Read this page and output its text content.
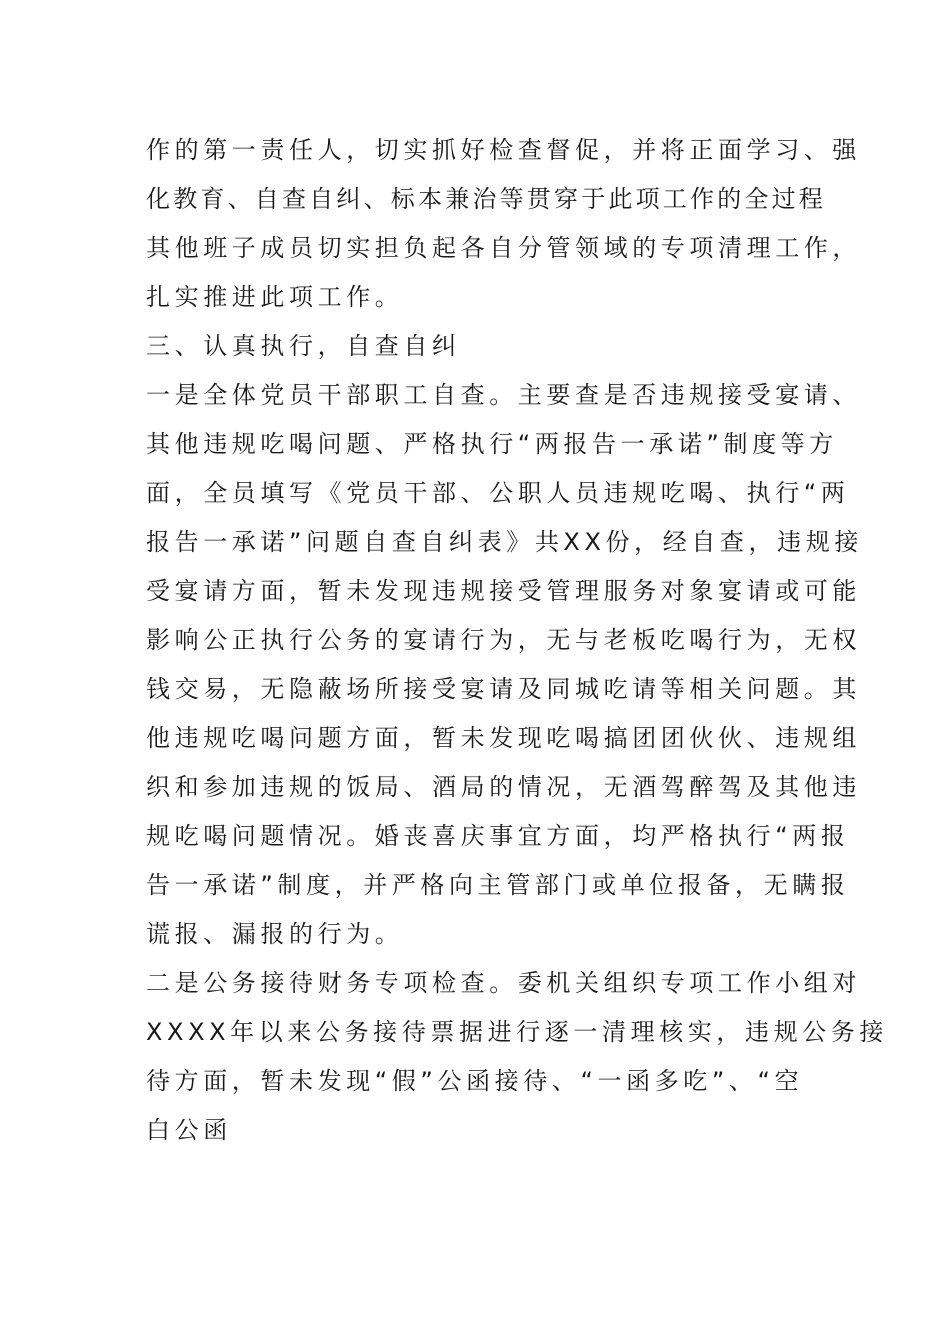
作的第一责任人，切实抓好检查督促，并将正面学习、强
化教育、自查自纠、标本兼治等贯穿于此项工作的全过程
其他班子成员切实担负起各自分管领域的专项清理工作，
扎实推进此项工作。
三、认真执行，自查自纠
一是全体党员干部职工自查。主要查是否违规接受宴请、
其他违规吃喝问题、严格执行“两报告一承诺”制度等方
面，全员填写《党员干部、公职人员违规吃喝、执行“两
报告一承诺”问题自查自纠表》共XX份，经自查，违规接
受宴请方面，暂未发现违规接受管理服务对象宴请或可能
影响公正执行公务的宴请行为，无与老板吃喝行为，无权
钱交易，无隐蔽场所接受宴请及同城吃请等相关问题。其
他违规吃喝问题方面，暂未发现吃喝搞团团伙伙、违规组
织和参加违规的饭局、酒局的情况，无酒驾醉驾及其他违
规吃喝问题情况。婚丧喜庆事宜方面，均严格执行“两报
告一承诺”制度，并严格向主管部门或单位报备，无瞒报
谎报、漏报的行为。
二是公务接待财务专项检查。委机关组织专项工作小组对
XXXX年以来公务接待票据进行逐一清理核实，违规公务接
待方面，暂未发现“假”公函接待、“一函多吃”、“空
白公函
